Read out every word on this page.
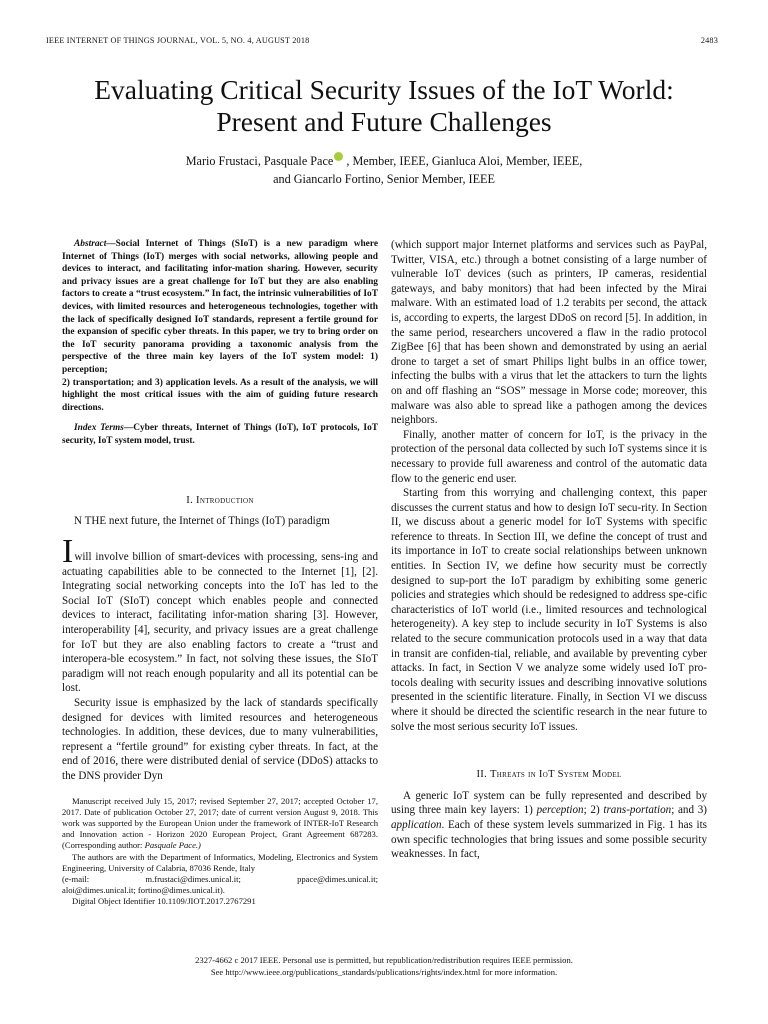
IEEE INTERNET OF THINGS JOURNAL, VOL. 5, NO. 4, AUGUST 2018	2483
Evaluating Critical Security Issues of the IoT World:
Present and Future Challenges
Mario Frustaci, Pasquale Pace , Member, IEEE, Gianluca Aloi, Member, IEEE,
and Giancarlo Fortino, Senior Member, IEEE

Abstract—Social Internet of Things (SIoT) is a new paradigm where Internet of Things (IoT) merges with social networks, allowing people and devices to interact, and facilitating infor-mation sharing. However, security and privacy issues are a great challenge for IoT but they are also enabling factors to create a “trust ecosystem.” In fact, the intrinsic vulnerabilities of IoT devices, with limited resources and heterogeneous technologies, together with the lack of specifically designed IoT standards, represent a fertile ground for the expansion of specific cyber threats. In this paper, we try to bring order on the IoT security panorama providing a taxonomic analysis from the perspective of the three main key layers of the IoT system model: 1) perception;

2) transportation; and 3) application levels. As a result of the analysis, we will highlight the most critical issues with the aim of guiding future research directions.

Index Terms—Cyber threats, Internet of Things (IoT), IoT protocols, IoT security, IoT system model, trust.

I. Introduction

N THE next future, the Internet of Things (IoT) paradigm

Iwill involve billion of smart-devices with processing, sens-ing and actuating capabilities able to be connected to the Internet [1], [2]. Integrating social networking concepts into the IoT has led to the Social IoT (SIoT) concept which enables people and connected devices to interact, facilitating infor-mation sharing [3]. However, interoperability [4], security, and privacy issues are a great challenge for IoT but they are also enabling factors to create a “trust and interopera-ble ecosystem.” In fact, not solving these issues, the SIoT paradigm will not reach enough popularity and all its potential can be lost.

Security issue is emphasized by the lack of standards specifically designed for devices with limited resources and heterogeneous technologies. In addition, these devices, due to many vulnerabilities, represent a “fertile ground” for existing cyber threats. In fact, at the end of 2016, there were distributed denial of service (DDoS) attacks to the DNS provider Dyn

Manuscript received July 15, 2017; revised September 27, 2017; accepted October 17, 2017. Date of publication October 27, 2017; date of current version August 9, 2018. This work was supported by the European Union under the framework of INTER-IoT Research and Innovation action - Horizon 2020 European Project, Grant Agreement 687283. (Corresponding author: Pasquale Pace.)

The authors are with the Department of Informatics, Modeling, Electronics and System Engineering, University of Calabria, 87036 Rende, Italy

(e-mail:	m.frustaci@dimes.unical.it;	ppace@dimes.unical.it;

aloi@dimes.unical.it; fortino@dimes.unical.it).

Digital Object Identifier 10.1109/JIOT.2017.2767291

(which support major Internet platforms and services such as PayPal, Twitter, VISA, etc.) through a botnet consisting of a large number of vulnerable IoT devices (such as printers, IP cameras, residential gateways, and baby monitors) that had been infected by the Mirai malware. With an estimated load of 1.2 terabits per second, the attack is, according to experts, the largest DDoS on record [5]. In addition, in the same period, researchers uncovered a flaw in the radio protocol ZigBee [6] that has been shown and demonstrated by using an aerial drone to target a set of smart Philips light bulbs in an office tower, infecting the bulbs with a virus that let the attackers to turn the lights on and off flashing an “SOS” message in Morse code; moreover, this malware was also able to spread like a pathogen among the devices neighbors.

Finally, another matter of concern for IoT, is the privacy in the protection of the personal data collected by such IoT systems since it is necessary to provide full awareness and control of the automatic data flow to the generic end user.

Starting from this worrying and challenging context, this paper discusses the current status and how to design IoT secu-rity. In Section II, we discuss about a generic model for IoT Systems with specific reference to threats. In Section III, we define the concept of trust and its importance in IoT to create social relationships between unknown entities. In Section IV, we define how security must be correctly designed to sup-port the IoT paradigm by exhibiting some generic policies and strategies which should be redesigned to address spe-cific characteristics of IoT world (i.e., limited resources and technological heterogeneity). A key step to include security in IoT Systems is also related to the secure communication protocols used in a way that data in transit are confiden-tial, reliable, and available by preventing cyber attacks. In fact, in Section V we analyze some widely used IoT pro-tocols dealing with security issues and describing innovative solutions presented in the scientific literature. Finally, in Section VI we discuss where it should be directed the scientific research in the near future to solve the most serious security IoT issues.

II. Threats in IoT System Model

A generic IoT system can be fully represented and described by using three main key layers: 1) perception; 2) trans-portation; and 3) application. Each of these system levels summarized in Fig. 1 has its own specific technologies that bring issues and some possible security weaknesses. In fact,

2327-4662 c 2017 IEEE. Personal use is permitted, but republication/redistribution requires IEEE permission.
See http://www.ieee.org/publications_standards/publications/rights/index.html for more information.
